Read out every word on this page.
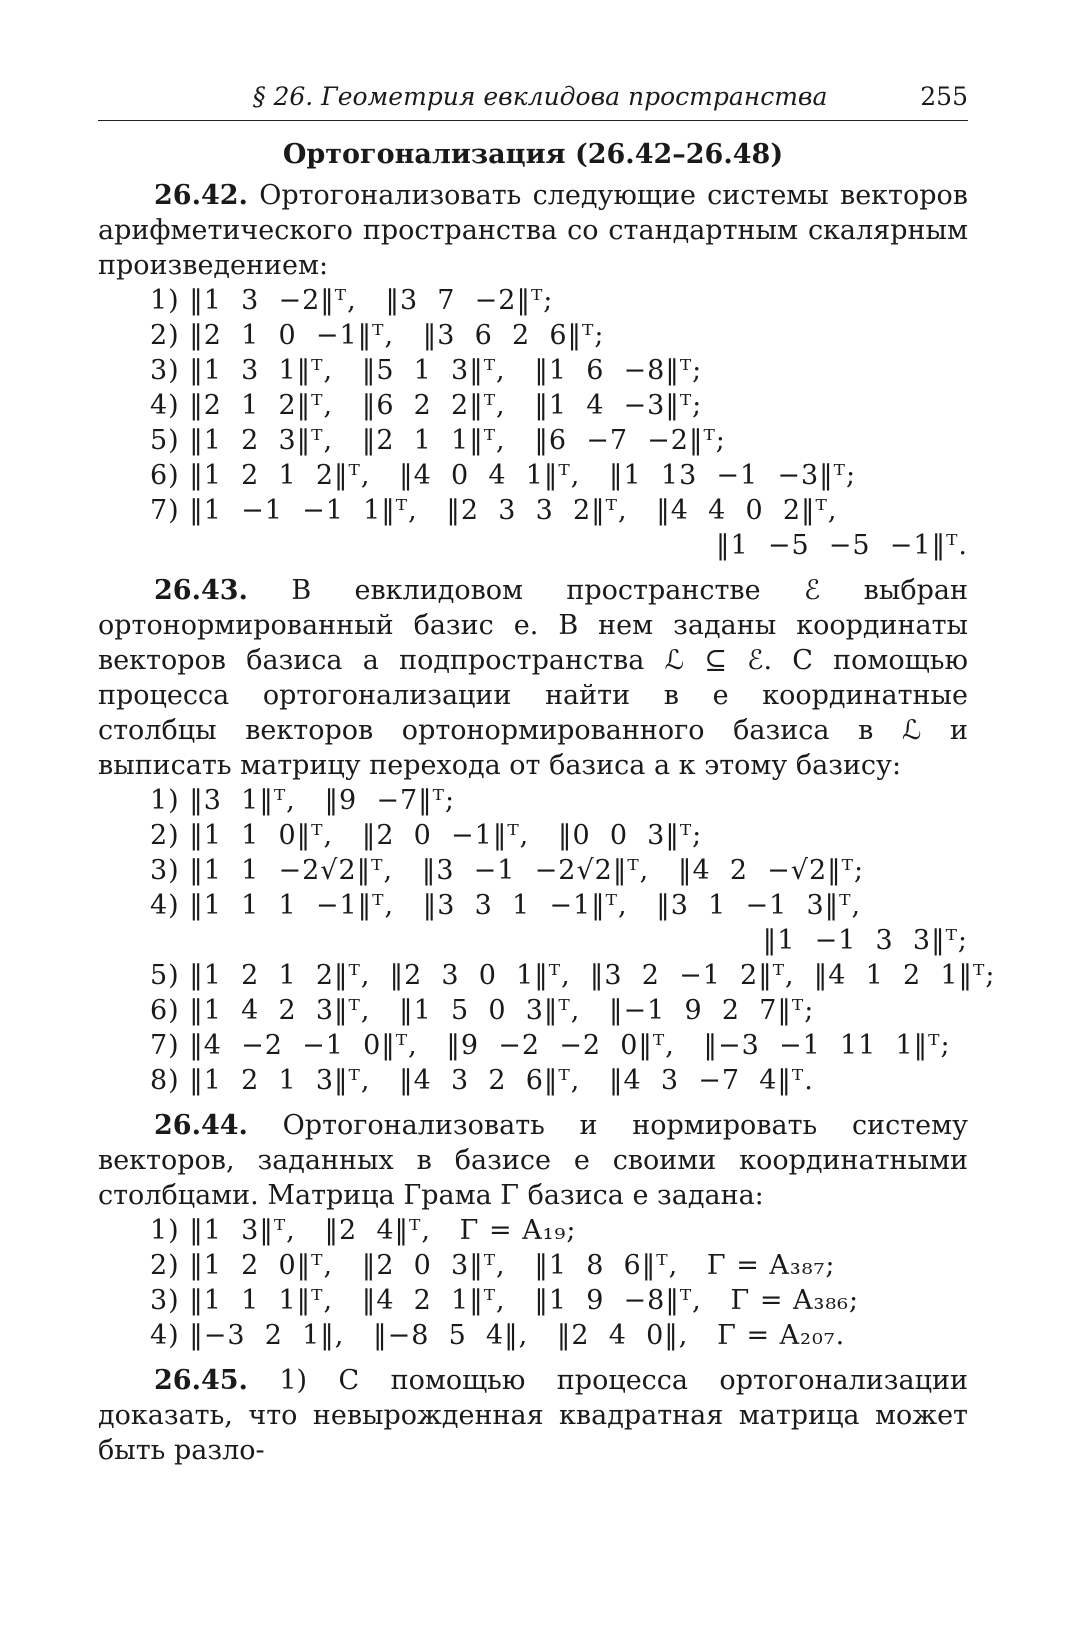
§ 26. Геометрия евклидова пространства	255
Ортогонализация (26.42–26.48)

26.42. Ортогонализовать следующие системы векторов арифметического пространства со стандартным скалярным произведением:

1) ‖1  3  −2‖ᵀ,   ‖3  7  −2‖ᵀ;
2) ‖2  1  0  −1‖ᵀ,   ‖3  6  2  6‖ᵀ;
3) ‖1  3  1‖ᵀ,   ‖5  1  3‖ᵀ,   ‖1  6  −8‖ᵀ;
4) ‖2  1  2‖ᵀ,   ‖6  2  2‖ᵀ,   ‖1  4  −3‖ᵀ;
5) ‖1  2  3‖ᵀ,   ‖2  1  1‖ᵀ,   ‖6  −7  −2‖ᵀ;
6) ‖1  2  1  2‖ᵀ,   ‖4  0  4  1‖ᵀ,   ‖1  13  −1  −3‖ᵀ;
7) ‖1  −1  −1  1‖ᵀ,   ‖2  3  3  2‖ᵀ,   ‖4  4  0  2‖ᵀ,
‖1  −5  −5  −1‖ᵀ.

26.43. В евклидовом пространстве ℰ выбран ортонормированный базис e. В нем заданы координаты векторов базиса a подпространства ℒ ⊆ ℰ. С помощью процесса ортогонализации найти в e координатные столбцы векторов ортонормированного базиса в ℒ и выписать матрицу перехода от базиса a к этому базису:

1) ‖3  1‖ᵀ,   ‖9  −7‖ᵀ;
2) ‖1  1  0‖ᵀ,   ‖2  0  −1‖ᵀ,   ‖0  0  3‖ᵀ;
3) ‖1  1  −2√2‖ᵀ,   ‖3  −1  −2√2‖ᵀ,   ‖4  2  −√2‖ᵀ;
4) ‖1  1  1  −1‖ᵀ,   ‖3  3  1  −1‖ᵀ,   ‖3  1  −1  3‖ᵀ,
‖1  −1  3  3‖ᵀ;
5) ‖1  2  1  2‖ᵀ,  ‖2  3  0  1‖ᵀ,  ‖3  2  −1  2‖ᵀ,  ‖4  1  2  1‖ᵀ;
6) ‖1  4  2  3‖ᵀ,   ‖1  5  0  3‖ᵀ,   ‖−1  9  2  7‖ᵀ;
7) ‖4  −2  −1  0‖ᵀ,   ‖9  −2  −2  0‖ᵀ,   ‖−3  −1  11  1‖ᵀ;
8) ‖1  2  1  3‖ᵀ,   ‖4  3  2  6‖ᵀ,   ‖4  3  −7  4‖ᵀ.

26.44. Ортогонализовать и нормировать систему векторов, заданных в базисе e своими координатными столбцами. Матрица Грама Γ базиса e задана:

1) ‖1  3‖ᵀ,   ‖2  4‖ᵀ,   Γ = A₁₉;
2) ‖1  2  0‖ᵀ,   ‖2  0  3‖ᵀ,   ‖1  8  6‖ᵀ,   Γ = A₃₈₇;
3) ‖1  1  1‖ᵀ,   ‖4  2  1‖ᵀ,   ‖1  9  −8‖ᵀ,   Γ = A₃₈₆;
4) ‖−3  2  1‖,   ‖−8  5  4‖,   ‖2  4  0‖,   Γ = A₂₀₇.

26.45. 1) С помощью процесса ортогонализации доказать, что невырожденная квадратная матрица может быть разло-
